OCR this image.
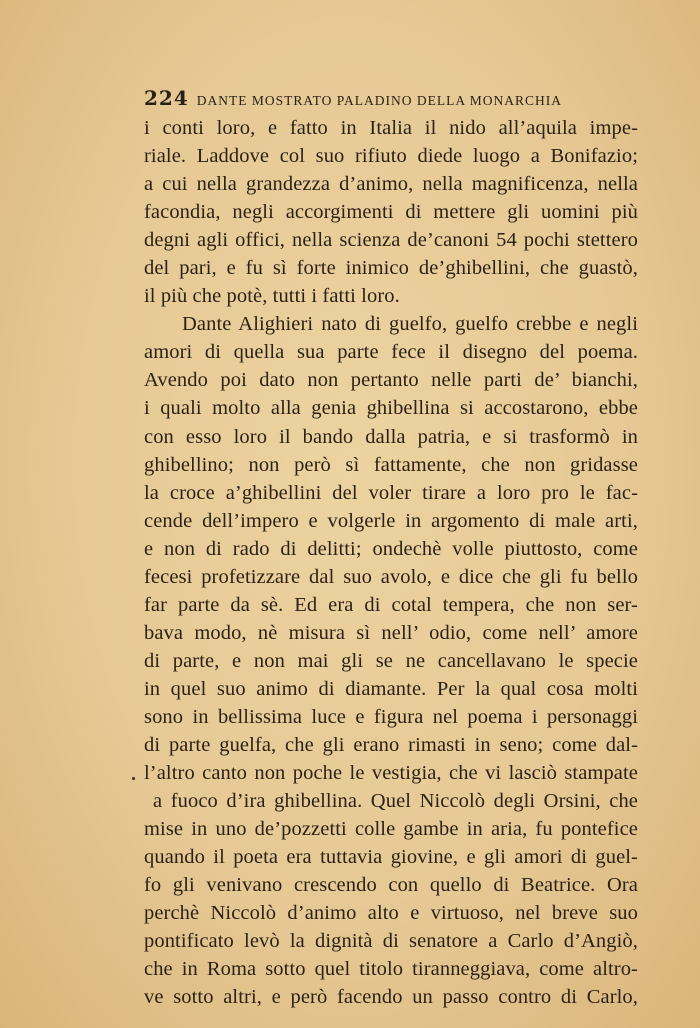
224 DANTE MOSTRATO PALADINO DELLA MONARCHIA
i conti loro, e fatto in Italia il nido all’aquila impe-
riale. Laddove col suo rifiuto diede luogo a Bonifazio;
a cui nella grandezza d’animo, nella magnificenza, nella
facondia, negli accorgimenti di mettere gli uomini più
degni agli offici, nella scienza de’canoni 54 pochi stettero
del pari, e fu sì forte inimico de’ghibellini, che guastò,
il più che potè, tutti i fatti loro.
Dante Alighieri nato di guelfo, guelfo crebbe e negli
amori di quella sua parte fece il disegno del poema.
Avendo poi dato non pertanto nelle parti de’ bianchi,
i quali molto alla genia ghibellina si accostarono, ebbe
con esso loro il bando dalla patria, e si trasformò in
ghibellino; non però sì fattamente, che non gridasse
la croce a’ghibellini del voler tirare a loro pro le fac-
cende dell’impero e volgerle in argomento di male arti,
e non di rado di delitti; ondechè volle piuttosto, come
fecesi profetizzare dal suo avolo, e dice che gli fu bello
far parte da sè. Ed era di cotal tempera, che non ser-
bava modo, nè misura sì nell’ odio, come nell’ amore
di parte, e non mai gli se ne cancellavano le specie
in quel suo animo di diamante. Per la qual cosa molti
sono in bellissima luce e figura nel poema i personaggi
di parte guelfa, che gli erano rimasti in seno; come dal-
l’altro canto non poche le vestigia, che vi lasciò stampate
a fuoco d’ira ghibellina. Quel Niccolò degli Orsini, che
mise in uno de’pozzetti colle gambe in aria, fu pontefice
quando il poeta era tuttavia giovine, e gli amori di guel-
fo gli venivano crescendo con quello di Beatrice. Ora
perchè Niccolò d’animo alto e virtuoso, nel breve suo
pontificato levò la dignità di senatore a Carlo d’Angiò,
che in Roma sotto quel titolo tiranneggiava, come altro-
ve sotto altri, e però facendo un passo contro di Carlo,
